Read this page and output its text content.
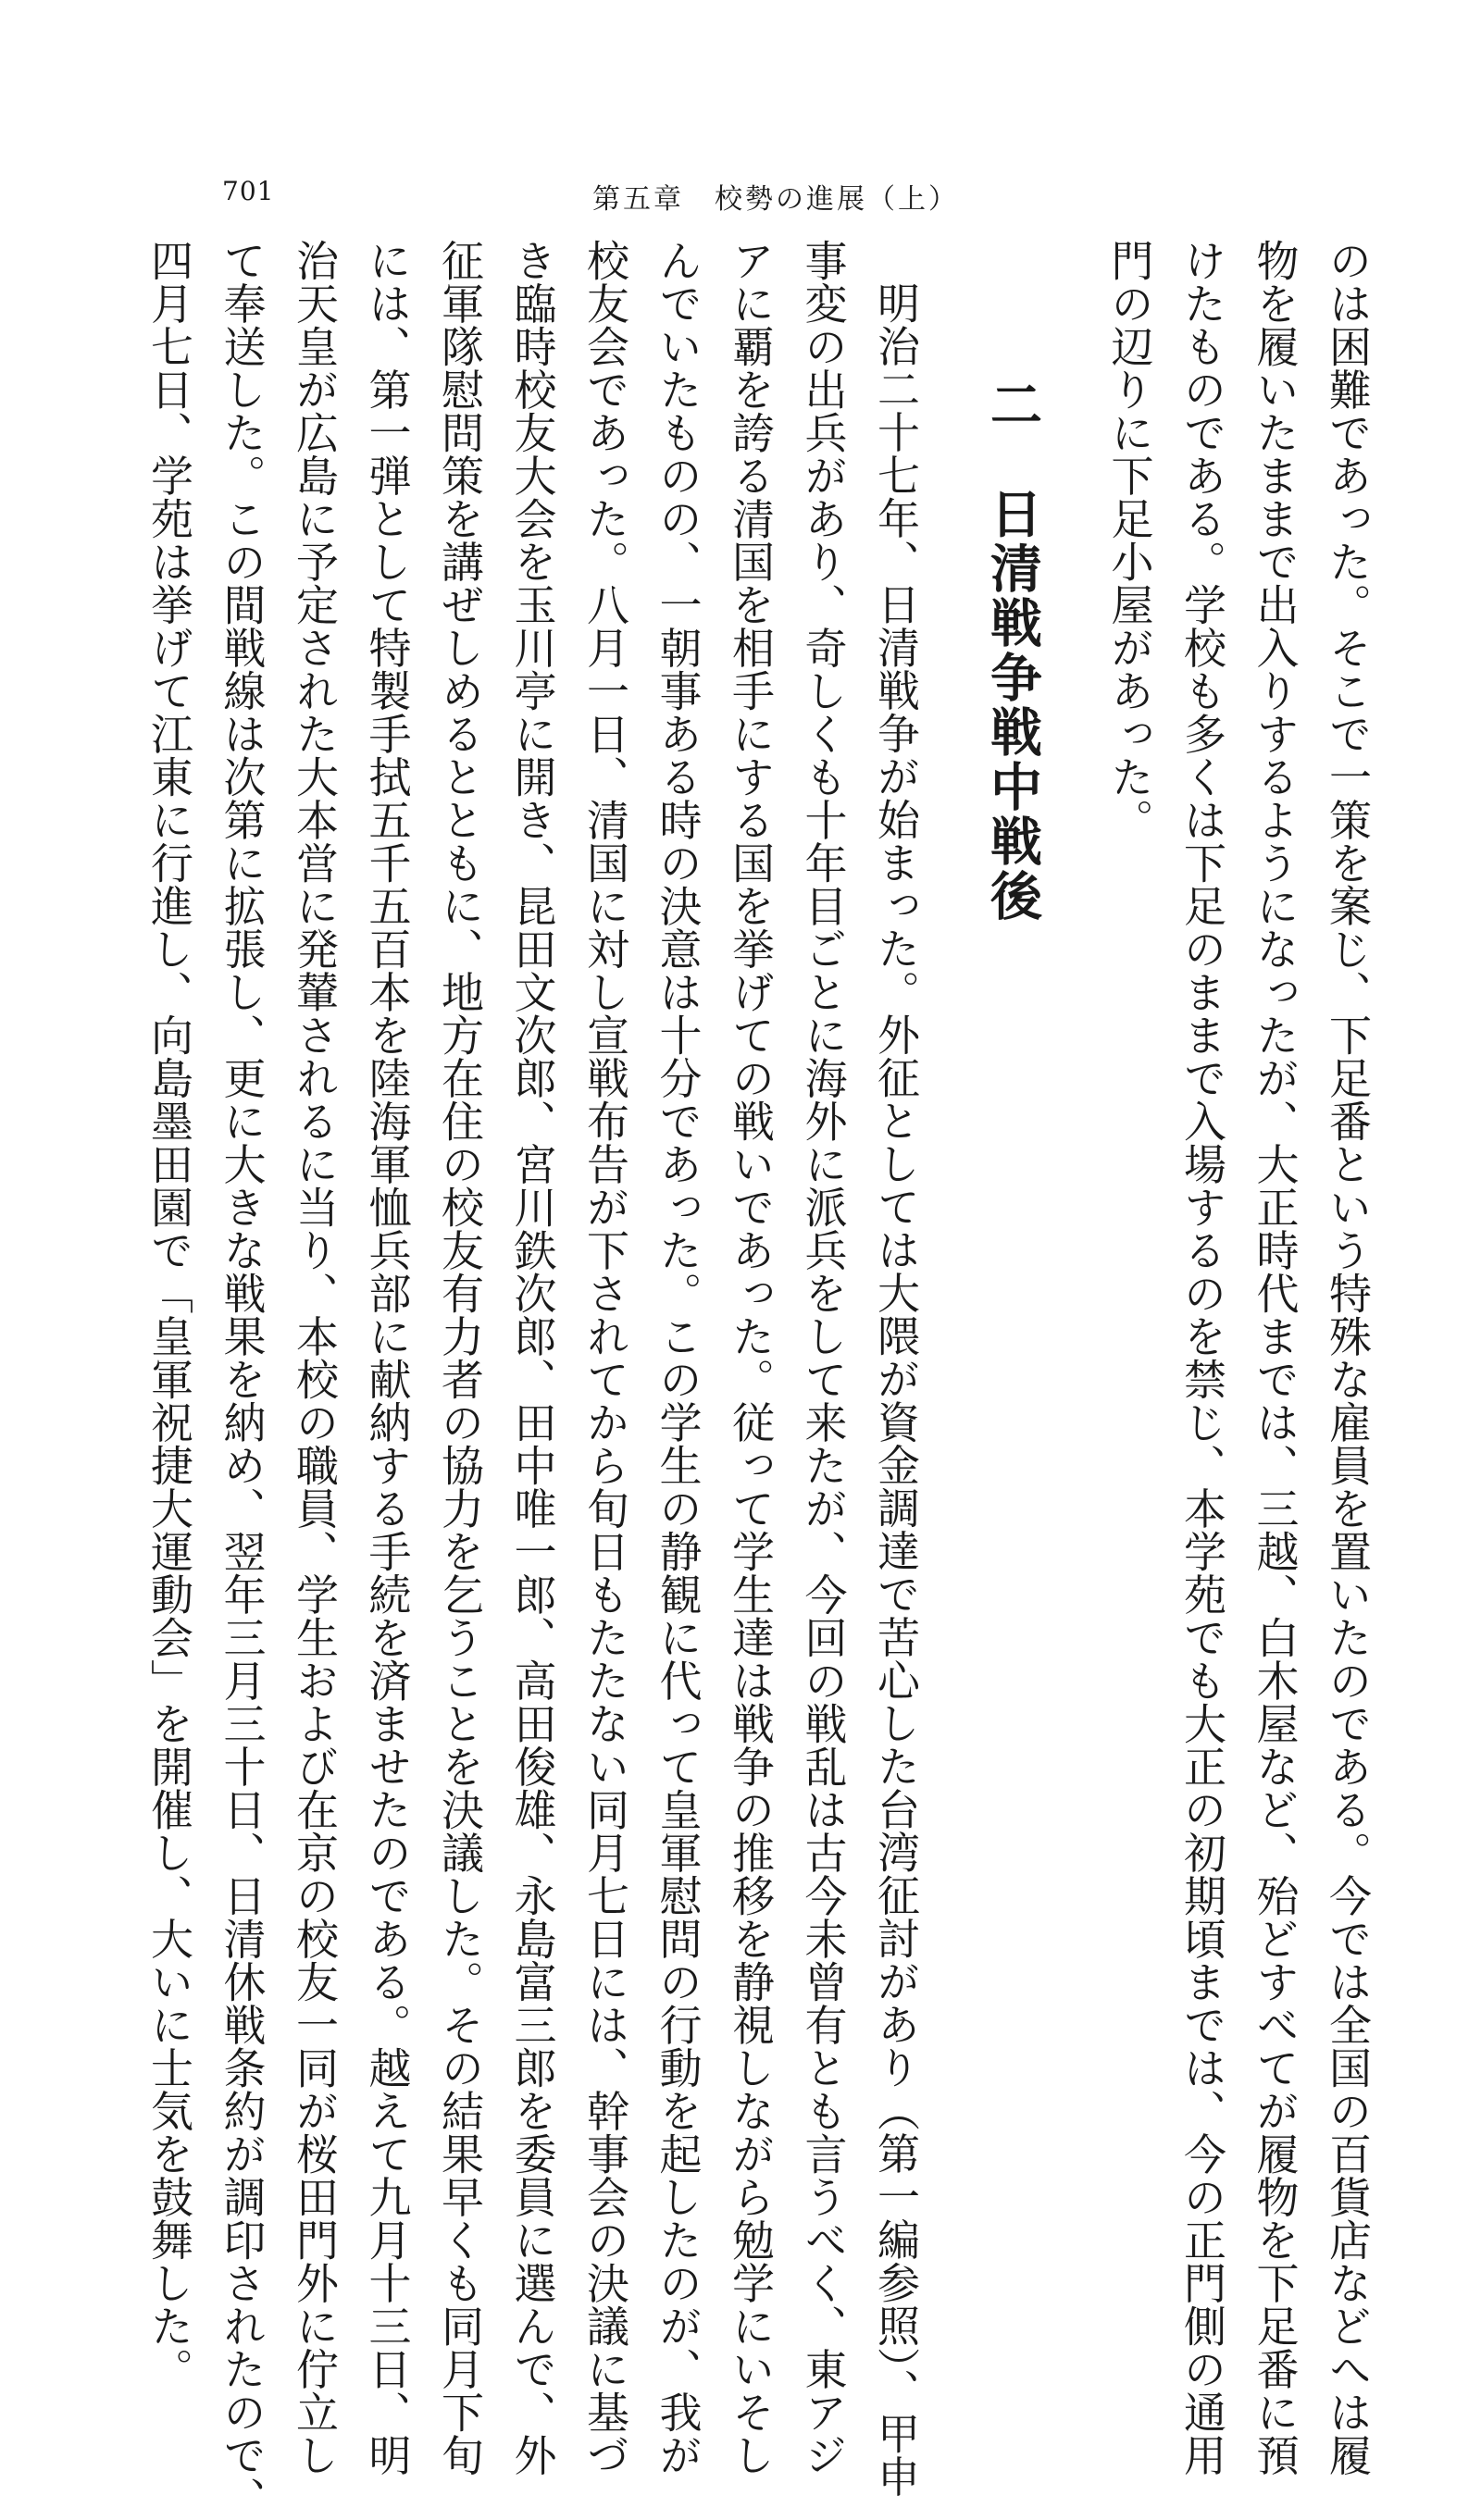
701	第五章　校勢の進展（上）

のは困難であった。そこで一策を案じ、下足番という特殊な雇員を置いたのである。今では全国の百貨店などへは履
物を履いたままで出入りするようになったが、大正時代までは、三越、白木屋など、殆どすべてが履物を下足番に預
けたものである。学校も多くは下足のままで入場するのを禁じ、本学苑でも大正の初期頃までは、今の正門側の通用
門の辺りに下足小屋があった。

二　日清戦争戦中戦後

明治二十七年、日清戦争が始まった。外征としては大隈が資金調達で苦心した台湾征討があり（第一編参照）、甲申
事変の出兵があり、奇しくも十年目ごとに海外に派兵をして来たが、今回の戦乱は古今未曾有とも言うべく、東アジ
アに覇を誇る清国を相手にする国を挙げての戦いであった。従って学生達は戦争の推移を静視しながら勉学にいそし
んでいたものの、一朝事ある時の決意は十分であった。この学生の静観に代って皇軍慰問の行動を起したのが、我が
校友会であった。八月一日、清国に対し宣戦布告が下されてから旬日もたたない同月七日には、幹事会の決議に基づ
き臨時校友大会を玉川亭に開き、昆田文次郎、宮川鉄次郎、田中唯一郎、高田俊雄、永島富三郎を委員に選んで、外
征軍隊慰問策を講ぜしめるとともに、地方在住の校友有力者の協力を乞うことを決議した。その結果早くも同月下旬
には、第一弾として特製手拭五千五百本を陸海軍恤兵部に献納する手続を済ませたのである。越えて九月十三日、明
治天皇が広島に予定された大本営に発輦されるに当り、本校の職員、学生および在京の校友一同が桜田門外に佇立し
て奉送した。この間戦線は次第に拡張し、更に大きな戦果を納め、翌年三月三十日、日清休戦条約が調印されたので、
四月七日、学苑は挙げて江東に行進し、向島墨田園で「皇軍祝捷大運動会」を開催し、大いに士気を鼓舞した。
